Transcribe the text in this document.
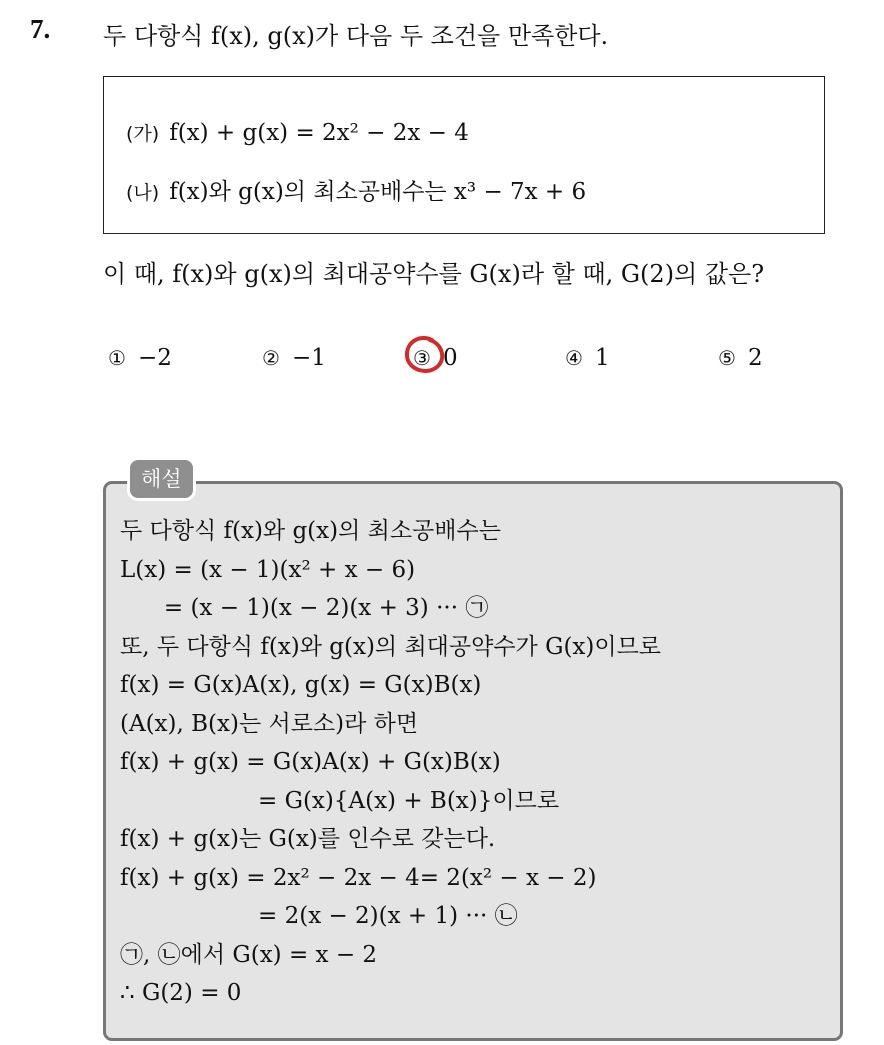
7. 두 다항식 f(x), g(x)가 다음 두 조건을 만족한다.
(가) f(x) + g(x) = 2x² − 2x − 4
(나) f(x)와 g(x)의 최소공배수는 x³ − 7x + 6
이 때, f(x)와 g(x)의 최대공약수를 G(x)라 할 때, G(2)의 값은?
① −2	② −1	③ 0	④ 1	⑤ 2
해설
두 다항식 f(x)와 g(x)의 최소공배수는
L(x) = (x − 1)(x² + x − 6)
= (x − 1)(x − 2)(x + 3) ··· ㉠
또, 두 다항식 f(x)와 g(x)의 최대공약수가 G(x)이므로
f(x) = G(x)A(x), g(x) = G(x)B(x)
(A(x), B(x)는 서로소)라 하면
f(x) + g(x) = G(x)A(x) + G(x)B(x)
= G(x){A(x) + B(x)}이므로
f(x) + g(x)는 G(x)를 인수로 갖는다.
f(x) + g(x) = 2x² − 2x − 4= 2(x² − x − 2)
= 2(x − 2)(x + 1) ··· ㉡
㉠, ㉡에서 G(x) = x − 2
∴ G(2) = 0
